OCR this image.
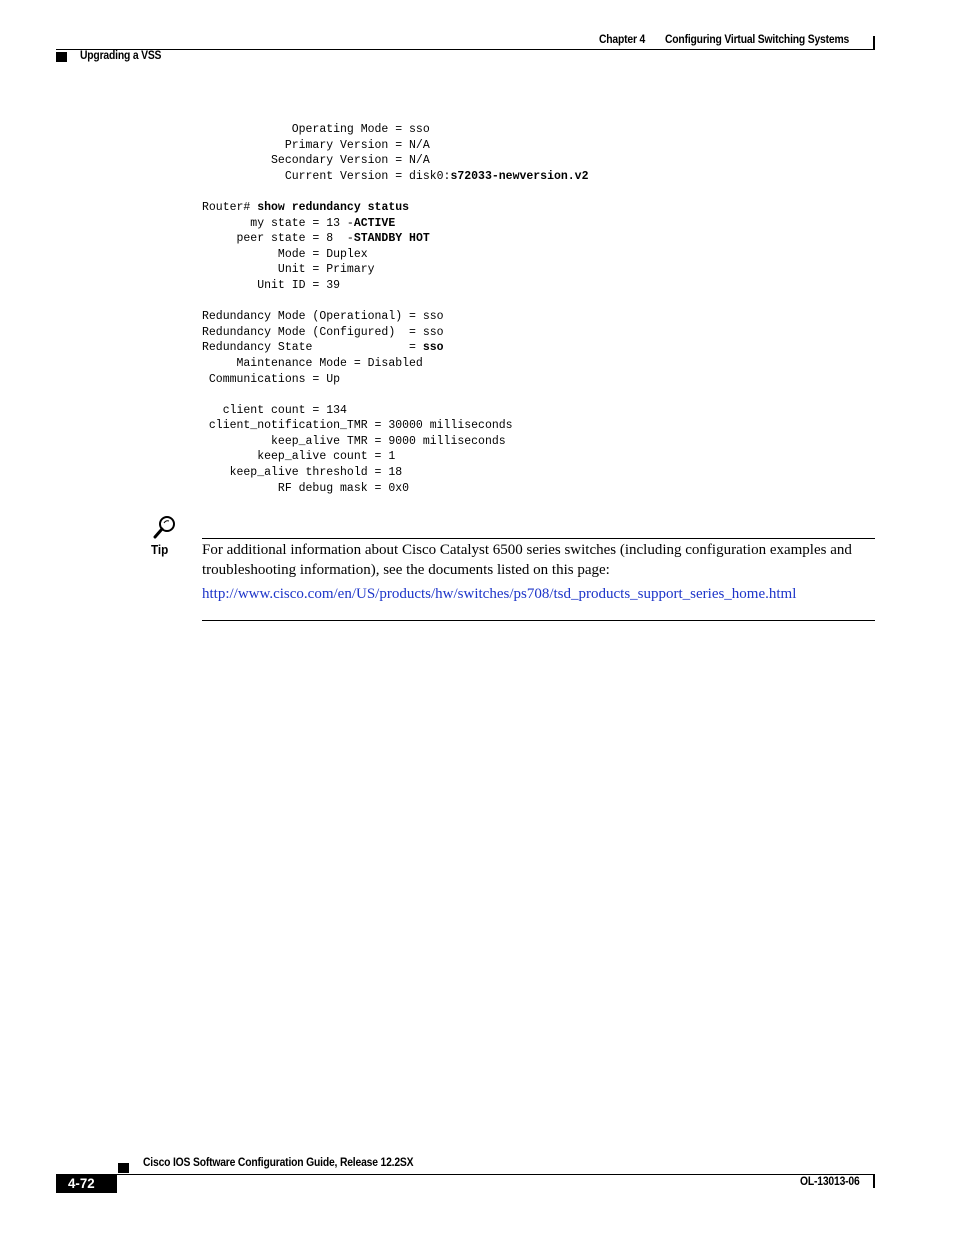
Chapter 4 Configuring Virtual Switching Systems
Upgrading a VSS
Operating Mode = sso
Primary Version = N/A
Secondary Version = N/A
Current Version = disk0:s72033-newversion.v2

Router# show redundancy status
my state = 13 -ACTIVE
peer state = 8  -STANDBY HOT
Mode = Duplex
Unit = Primary
Unit ID = 39

Redundancy Mode (Operational) = sso
Redundancy Mode (Configured)  = sso
Redundancy State              = sso
Maintenance Mode = Disabled
Communications = Up

client count = 134
client_notification_TMR = 30000 milliseconds
keep_alive TMR = 9000 milliseconds
keep_alive count = 1
keep_alive threshold = 18
RF debug mask = 0x0
Tip For additional information about Cisco Catalyst 6500 series switches (including configuration examples and troubleshooting information), see the documents listed on this page:
http://www.cisco.com/en/US/products/hw/switches/ps708/tsd_products_support_series_home.html
Cisco IOS Software Configuration Guide, Release 12.2SX
4-72	OL-13013-06
